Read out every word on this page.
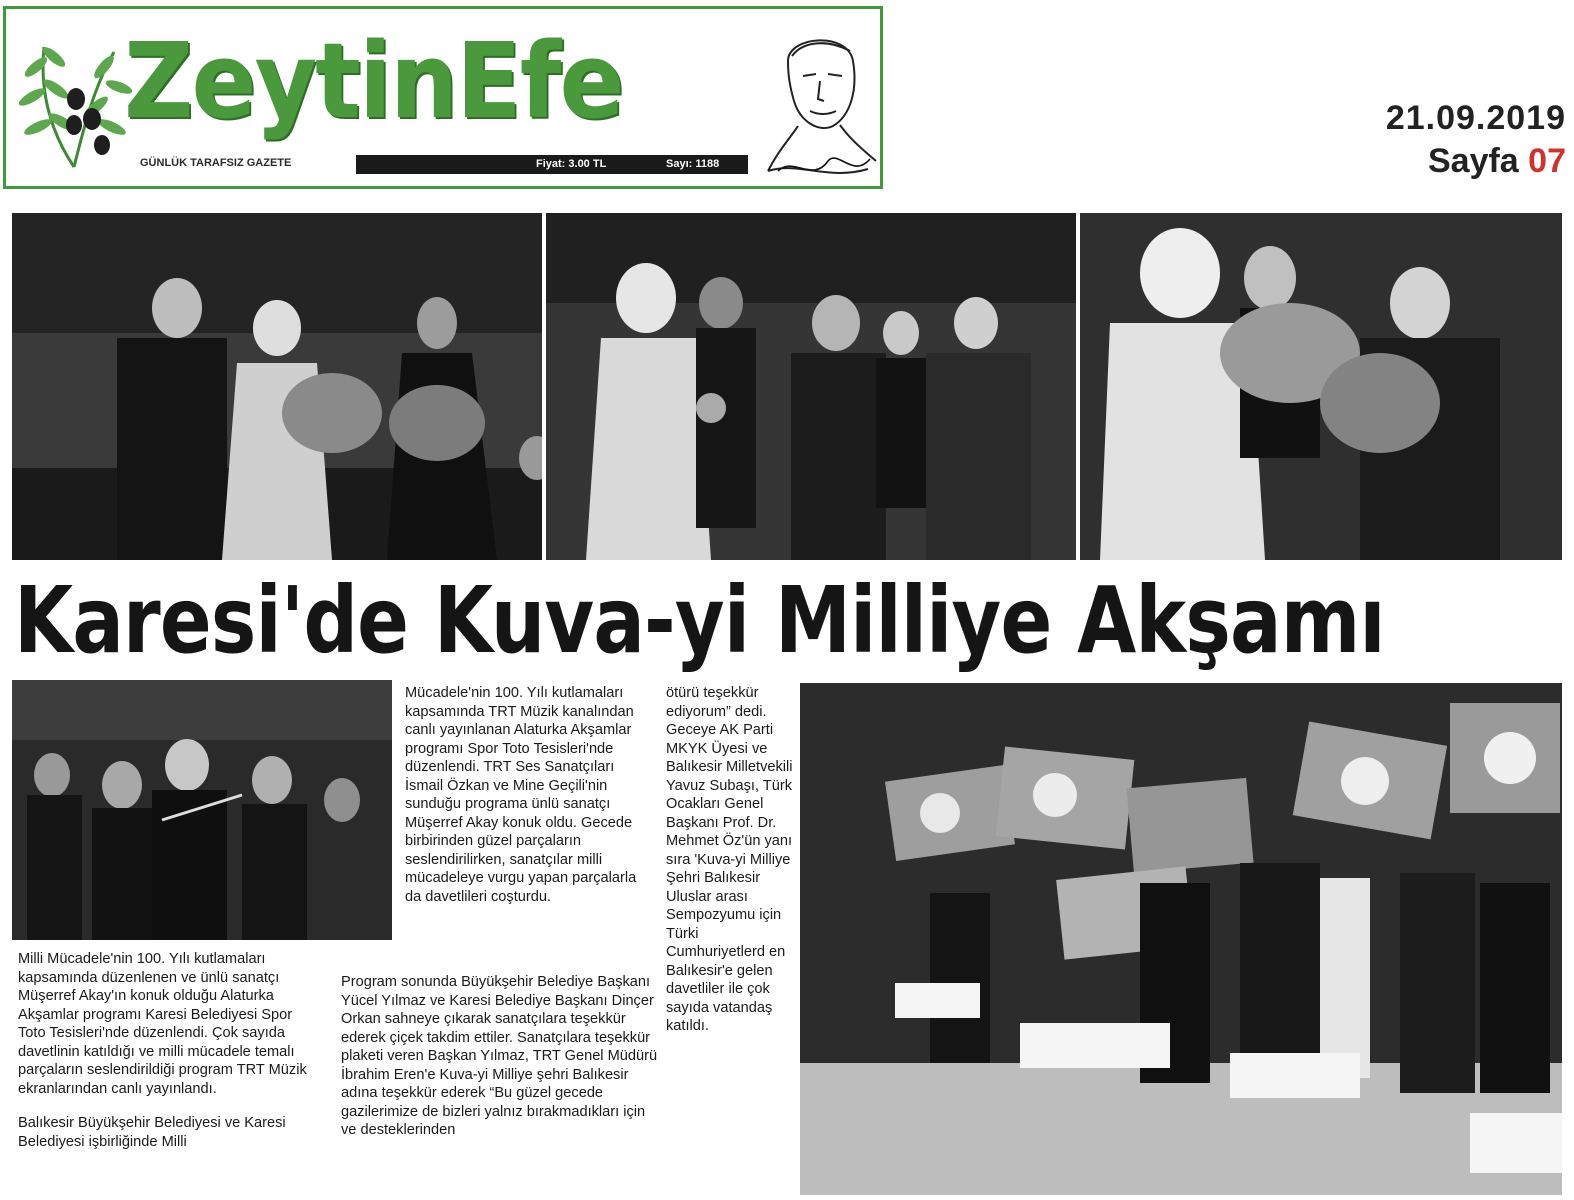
ZeytinEfe
GÜNLÜK TARAFSIZ GAZETE	Fiyat: 3.00 TL	Sayı: 1188
21.09.2019
Sayfa 07
Karesi'de Kuva-yi Milliye Akşamı

Mücadele'nin 100. Yılı kutlamaları kapsamında TRT Müzik kanalından canlı yayınlanan Alaturka Akşamlar programı Spor Toto Tesisleri'nde düzenlendi. TRT Ses Sanatçıları İsmail Özkan ve Mine Geçili'nin sunduğu programa ünlü sanatçı Müşerref Akay konuk oldu. Gecede birbirinden güzel parçaların seslendirilirken, sanatçılar milli mücadeleye vurgu yapan parçalarla da davetlileri coşturdu.

Program sonunda Büyükşehir Belediye Başkanı Yücel Yılmaz ve Karesi Belediye Başkanı Dinçer Orkan sahneye çıkarak sanatçılara teşekkür ederek çiçek takdim ettiler. Sanatçılara teşekkür plaketi veren Başkan Yılmaz, TRT Genel Müdürü İbrahim Eren'e Kuva-yi Milliye şehri Balıkesir adına teşekkür ederek “Bu güzel gecede gazilerimize de bizleri yalnız bırakmadıkları için ve desteklerinden

ötürü teşekkür ediyorum” dedi. Geceye AK Parti MKYK Üyesi ve Balıkesir Milletvekili Yavuz Subaşı, Türk Ocakları Genel Başkanı Prof. Dr. Mehmet Öz'ün yanı sıra 'Kuva-yi Milliye Şehri Balıkesir Uluslar arası Sempozyumu için Türki Cumhuriyetlerd en Balıkesir'e gelen davetliler ile çok sayıda vatandaş katıldı.

Milli Mücadele'nin 100. Yılı kutlamaları kapsamında düzenlenen ve ünlü sanatçı Müşerref Akay'ın konuk olduğu Alaturka Akşamlar programı Karesi Belediyesi Spor Toto Tesisleri'nde düzenlendi. Çok sayıda davetlinin katıldığı ve milli mücadele temalı parçaların seslendirildiği program TRT Müzik ekranlarından canlı yayınlandı.

Balıkesir Büyükşehir Belediyesi ve Karesi Belediyesi işbirliğinde Milli
